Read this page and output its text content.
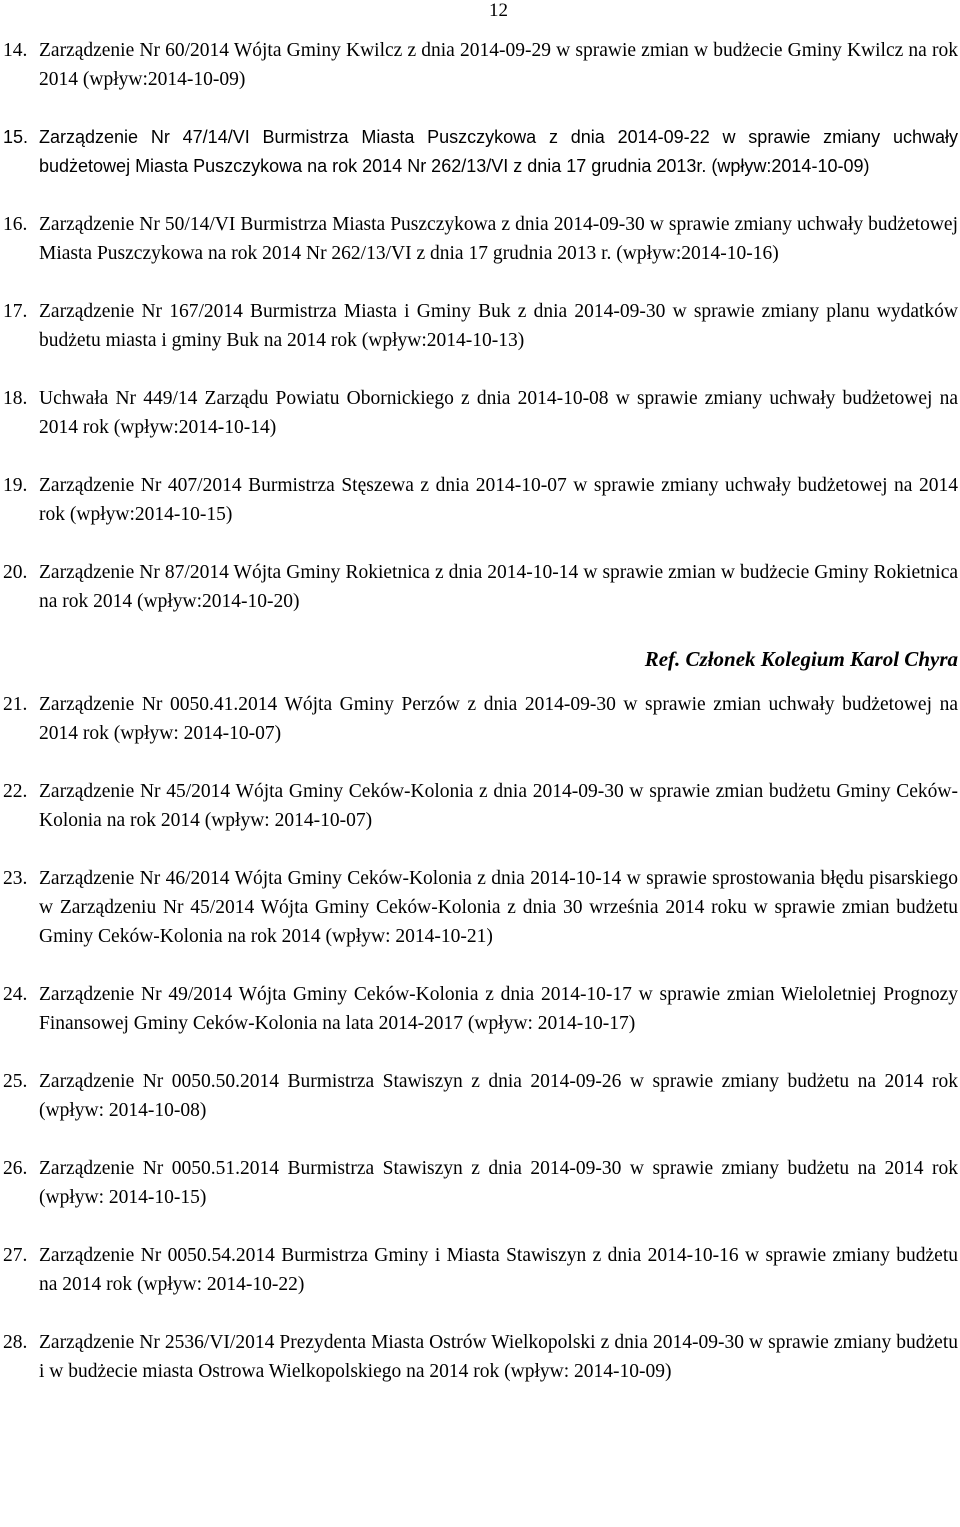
12
14. Zarządzenie Nr 60/2014 Wójta Gminy Kwilcz z dnia 2014-09-29 w sprawie zmian w budżecie Gminy Kwilcz na rok 2014 (wpływ:2014-10-09)
15. Zarządzenie Nr 47/14/VI Burmistrza Miasta Puszczykowa z dnia 2014-09-22 w sprawie zmiany uchwały budżetowej Miasta Puszczykowa na rok 2014 Nr 262/13/VI z dnia 17 grudnia 2013r. (wpływ:2014-10-09)
16. Zarządzenie Nr 50/14/VI Burmistrza Miasta Puszczykowa z dnia 2014-09-30 w sprawie zmiany uchwały budżetowej Miasta Puszczykowa na rok 2014 Nr 262/13/VI z dnia 17 grudnia 2013 r. (wpływ:2014-10-16)
17. Zarządzenie Nr 167/2014 Burmistrza Miasta i Gminy Buk z dnia 2014-09-30 w sprawie zmiany planu wydatków budżetu miasta i gminy Buk na 2014 rok (wpływ:2014-10-13)
18. Uchwała Nr 449/14 Zarządu Powiatu Obornickiego z dnia 2014-10-08 w sprawie zmiany uchwały budżetowej na 2014 rok (wpływ:2014-10-14)
19. Zarządzenie Nr 407/2014 Burmistrza Stęszewa z dnia 2014-10-07 w sprawie zmiany uchwały budżetowej na 2014 rok (wpływ:2014-10-15)
20. Zarządzenie Nr 87/2014 Wójta Gminy Rokietnica z dnia 2014-10-14 w sprawie zmian w budżecie Gminy Rokietnica na rok 2014 (wpływ:2014-10-20)
Ref. Członek Kolegium Karol Chyra
21. Zarządzenie Nr 0050.41.2014 Wójta Gminy Perzów z dnia 2014-09-30 w sprawie zmian uchwały budżetowej na 2014 rok (wpływ: 2014-10-07)
22. Zarządzenie Nr 45/2014 Wójta Gminy Ceków-Kolonia z dnia 2014-09-30 w sprawie zmian budżetu Gminy Ceków-Kolonia na rok 2014 (wpływ: 2014-10-07)
23. Zarządzenie Nr 46/2014 Wójta Gminy Ceków-Kolonia z dnia 2014-10-14 w sprawie sprostowania błędu pisarskiego w Zarządzeniu Nr 45/2014 Wójta Gminy Ceków-Kolonia z dnia 30 września 2014 roku w sprawie zmian budżetu Gminy Ceków-Kolonia na rok 2014 (wpływ: 2014-10-21)
24. Zarządzenie Nr 49/2014 Wójta Gminy Ceków-Kolonia z dnia 2014-10-17 w sprawie zmian Wieloletniej Prognozy Finansowej Gminy Ceków-Kolonia na lata 2014-2017 (wpływ: 2014-10-17)
25. Zarządzenie Nr 0050.50.2014 Burmistrza Stawiszyn z dnia 2014-09-26 w sprawie zmiany budżetu na 2014 rok (wpływ: 2014-10-08)
26. Zarządzenie Nr 0050.51.2014 Burmistrza Stawiszyn z dnia 2014-09-30 w sprawie zmiany budżetu na 2014 rok (wpływ: 2014-10-15)
27. Zarządzenie Nr 0050.54.2014 Burmistrza Gminy i Miasta Stawiszyn z dnia 2014-10-16 w sprawie zmiany budżetu na 2014 rok (wpływ: 2014-10-22)
28. Zarządzenie Nr 2536/VI/2014 Prezydenta Miasta Ostrów Wielkopolski z dnia 2014-09-30 w sprawie zmiany budżetu i w budżecie miasta Ostrowa Wielkopolskiego na 2014 rok (wpływ: 2014-10-09)
